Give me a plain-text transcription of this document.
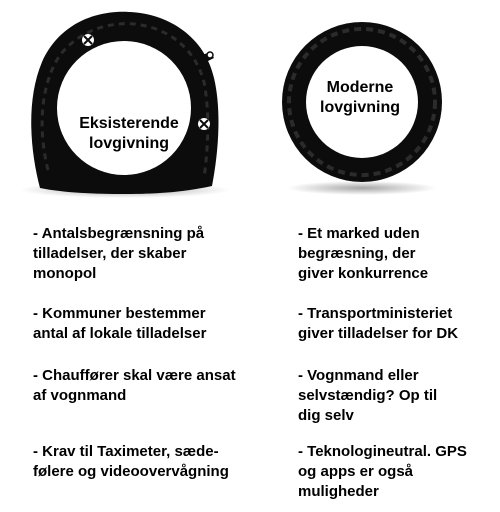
Eksisterende
lovgivning
Moderne
lovgivning
- Antalsbegrænsning på
tilladelser, der skaber
monopol
- Kommuner bestemmer
antal af lokale tilladelser
- Chauffører skal være ansat
af vognmand
- Krav til Taximeter, sæde-
følere og videoovervågning
- Et marked uden
begræsning, der
giver konkurrence
- Transportministeriet
giver tilladelser for DK
- Vognmand eller
selvstændig? Op til
dig selv
- Teknologineutral. GPS
og apps er også
muligheder
